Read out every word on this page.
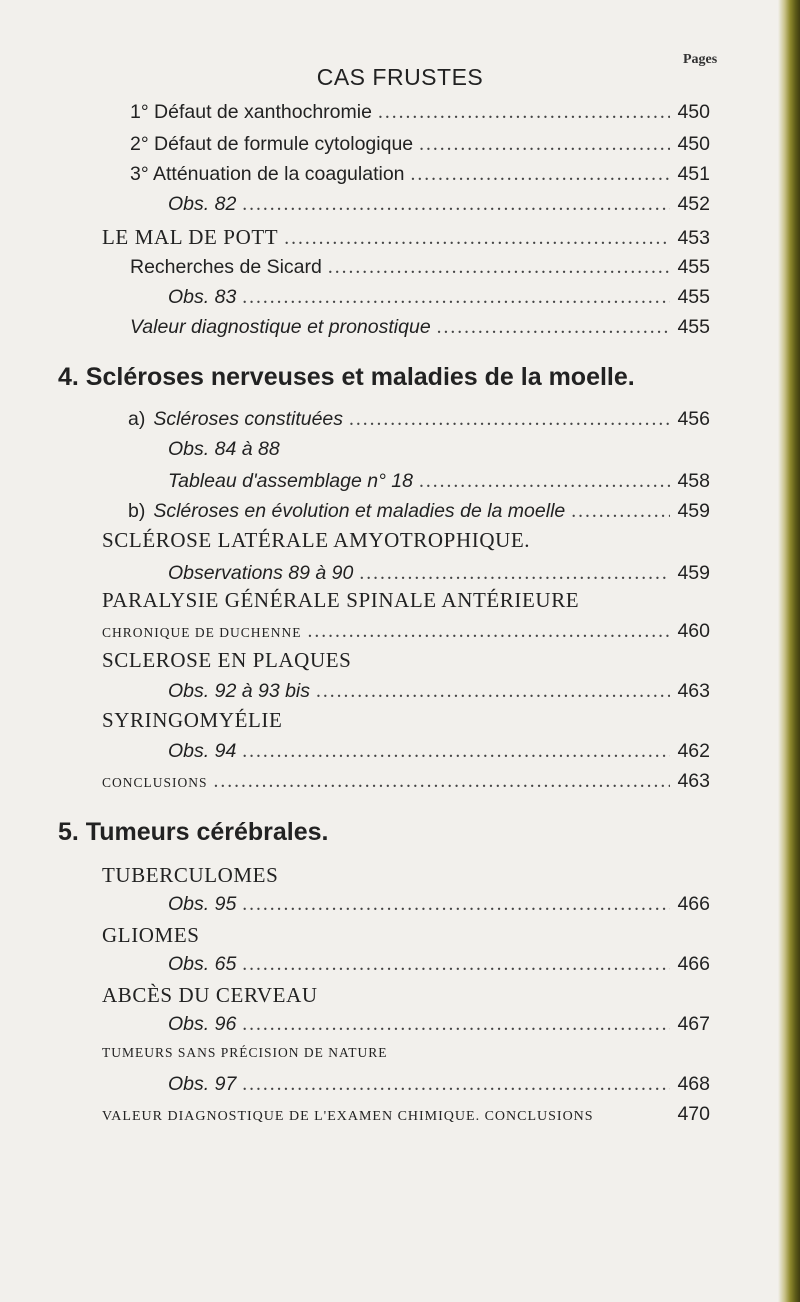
Pages
CAS FRUSTES
1° Défaut de xanthochromie .....	450
2° Défaut de formule cytologique .....	450
3° Atténuation de la coagulation .....	451
Obs. 82 .....	452
LE MAL DE POTT .....	453
Recherches de Sicard .....	455
Obs. 83 .....	455
Valeur diagnostique et pronostique .....	455
4. Scléroses nerveuses et maladies de la moelle.
a) Scléroses constituées .....	456
Obs. 84 à 88
Tableau d'assemblage n° 18 .....	458
b) Scléroses en évolution et maladies de la moelle .....	459
SCLÉROSE LATÉRALE AMYOTROPHIQUE.
Observations 89 à 90 .....	459
PARALYSIE GÉNÉRALE SPINALE ANTÉRIEURE
CHRONIQUE DE DUCHENNE .....	460
SCLEROSE EN PLAQUES
Obs. 92 à 93 bis .....	463
SYRINGOMYÉLIE
Obs. 94 .....	462
CONCLUSIONS .....	463
5. Tumeurs cérébrales.
TUBERCULOMES
Obs. 95 .....	466
GLIOMES
Obs. 65 .....	466
ABCÈS DU CERVEAU
Obs. 96 .....	467
TUMEURS SANS PRÉCISION DE NATURE
Obs. 97 .....	468
VALEUR DIAGNOSTIQUE DE L'EXAMEN CHIMIQUE. CONCLUSIONS	470
